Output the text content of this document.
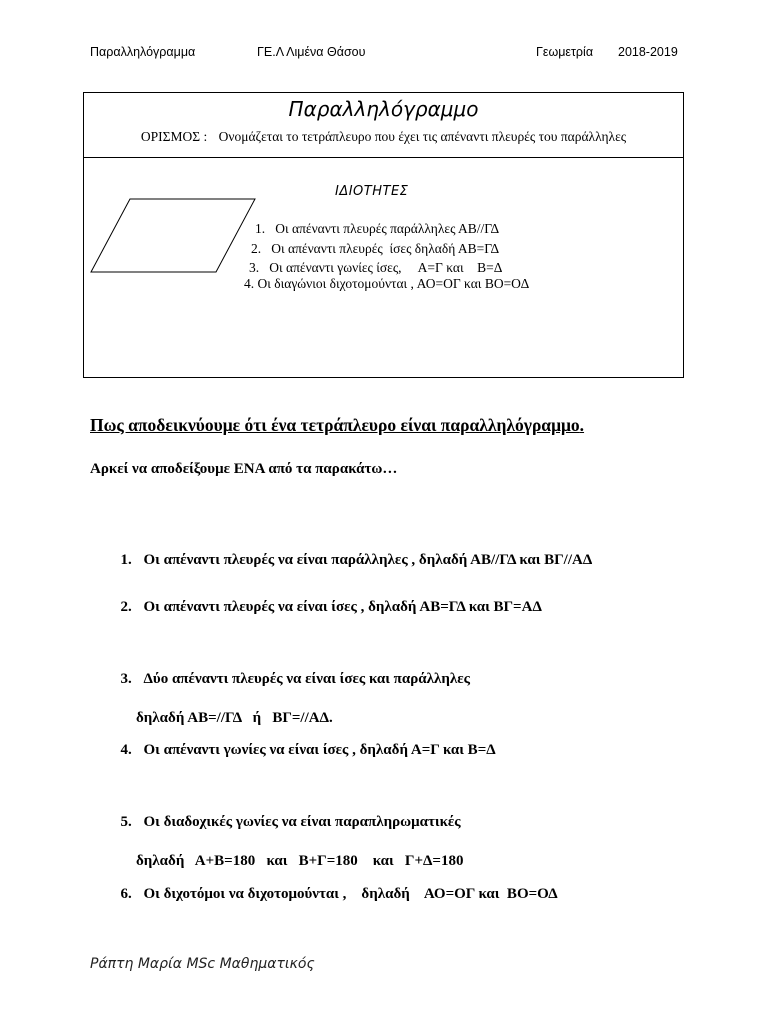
Παραλληλόγραμμα	ΓΕ.Λ Λιμένα Θάσου	Γεωμετρία 2018-2019
Παραλληλόγραμμο
ΟΡΙΣΜΟΣ : Ονομάζεται το τετράπλευρο που έχει τις απέναντι πλευρές του παράλληλες
ΙΔΙΟΤΗΤΕΣ
1.   Οι απέναντι πλευρές παράλληλες ΑΒ//ΓΔ
2.   Οι απέναντι πλευρές  ίσες δηλαδή ΑΒ=ΓΔ
3.   Οι απέναντι γωνίες ίσες,     Α=Γ και    Β=Δ
4. Οι διαγώνιοι διχοτομούνται , ΑΟ=ΟΓ και ΒΟ=ΟΔ
Πως αποδεικνύουμε ότι ένα τετράπλευρο είναι παραλληλόγραμμο.
Αρκεί να αποδείξουμε ΕΝΑ από τα παρακάτω…

1. Οι απέναντι πλευρές να είναι παράλληλες , δηλαδή ΑΒ//ΓΔ και ΒΓ//ΑΔ

2. Οι απέναντι πλευρές να είναι ίσες , δηλαδή ΑΒ=ΓΔ και ΒΓ=ΑΔ

3. Δύο απέναντι πλευρές να είναι ίσες και παράλληλες

δηλαδή ΑΒ=//ΓΔ   ή   ΒΓ=//ΑΔ.

4. Οι απέναντι γωνίες να είναι ίσες , δηλαδή Α=Γ και Β=Δ

5. Οι διαδοχικές γωνίες να είναι παραπληρωματικές

δηλαδή   Α+Β=180   και   Β+Γ=180    και   Γ+Δ=180

6. Οι διχοτόμοι να διχοτομούνται ,    δηλαδή    ΑΟ=ΟΓ και  ΒΟ=ΟΔ

Ράπτη Μαρία MSc Μαθηματικός
